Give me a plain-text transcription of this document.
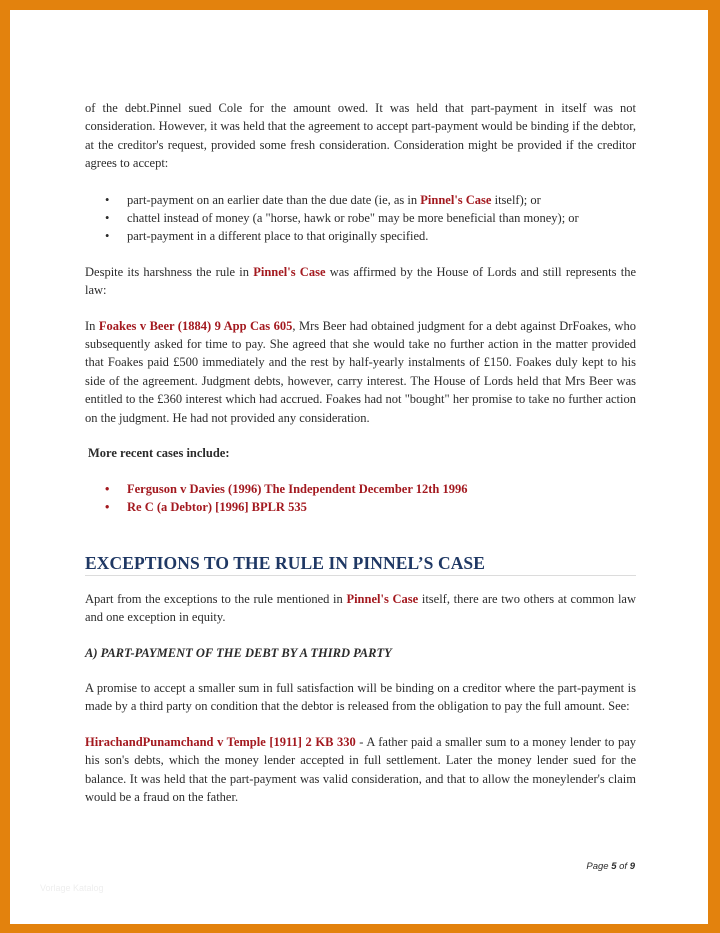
of the debt.Pinnel sued Cole for the amount owed. It was held that part-payment in itself was not consideration. However, it was held that the agreement to accept part-payment would be binding if the debtor, at the creditor's request, provided some fresh consideration. Consideration might be provided if the creditor agrees to accept:

• part-payment on an earlier date than the due date (ie, as in Pinnel's Case itself); or
• chattel instead of money (a "horse, hawk or robe" may be more beneficial than money); or
• part-payment in a different place to that originally specified.

Despite its harshness the rule in Pinnel's Case was affirmed by the House of Lords and still represents the law:

In Foakes v Beer (1884) 9 App Cas 605, Mrs Beer had obtained judgment for a debt against DrFoakes, who subsequently asked for time to pay. She agreed that she would take no further action in the matter provided that Foakes paid £500 immediately and the rest by half-yearly instalments of £150. Foakes duly kept to his side of the agreement. Judgment debts, however, carry interest. The House of Lords held that Mrs Beer was entitled to the £360 interest which had accrued. Foakes had not "bought" her promise to take no further action on the judgment. He had not provided any consideration.

More recent cases include:
• Ferguson v Davies (1996) The Independent December 12th 1996
• Re C (a Debtor) [1996] BPLR 535
EXCEPTIONS TO THE RULE IN PINNEL’S CASE

Apart from the exceptions to the rule mentioned in Pinnel's Case itself, there are two others at common law and one exception in equity.

A) PART-PAYMENT OF THE DEBT BY A THIRD PARTY

A promise to accept a smaller sum in full satisfaction will be binding on a creditor where the part-payment is made by a third party on condition that the debtor is released from the obligation to pay the full amount. See:

HirachandPunamchand v Temple [1911] 2 KB 330 - A father paid a smaller sum to a money lender to pay his son's debts, which the money lender accepted in full settlement. Later the money lender sued for the balance. It was held that the part-payment was valid consideration, and that to allow the moneylender's claim would be a fraud on the father.

Page 5 of 9
Vorlage Katalog
